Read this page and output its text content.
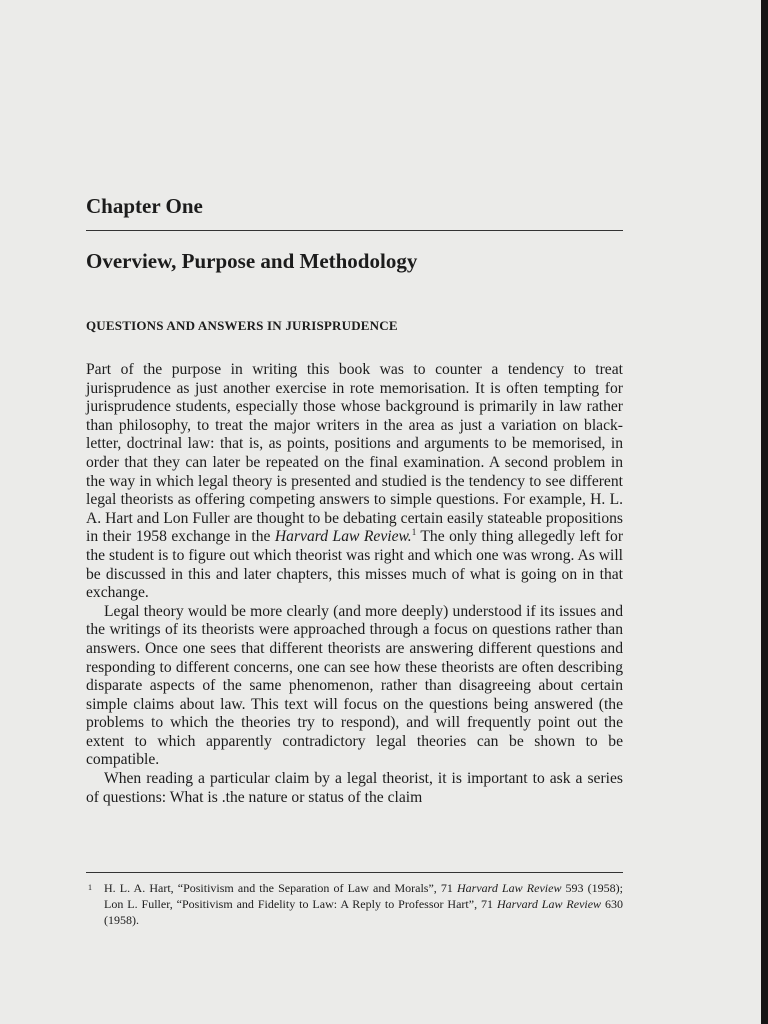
Chapter One
Overview, Purpose and Methodology
QUESTIONS AND ANSWERS IN JURISPRUDENCE

Part of the purpose in writing this book was to counter a tendency to treat jurisprudence as just another exercise in rote memorisation. It is often tempting for jurisprudence students, especially those whose background is primarily in law rather than philosophy, to treat the major writers in the area as just a variation on black-letter, doctrinal law: that is, as points, positions and arguments to be memorised, in order that they can later be repeated on the final examination. A second problem in the way in which legal theory is presented and studied is the tendency to see different legal theorists as offering competing answers to simple questions. For example, H. L. A. Hart and Lon Fuller are thought to be debating certain easily stateable propositions in their 1958 exchange in the Harvard Law Review.$^1$ The only thing allegedly left for the student is to figure out which theorist was right and which one was wrong. As will be discussed in this and later chapters, this misses much of what is going on in that exchange.

Legal theory would be more clearly (and more deeply) understood if its issues and the writings of its theorists were approached through a focus on questions rather than answers. Once one sees that different theorists are answering different questions and responding to different concerns, one can see how these theorists are often describing disparate aspects of the same phenomenon, rather than disagreeing about certain simple claims about law. This text will focus on the questions being answered (the problems to which the theories try to respond), and will frequently point out the extent to which apparently contradictory legal theories can be shown to be compatible.

When reading a particular claim by a legal theorist, it is important to ask a series of questions: What is .the nature or status of the claim

1 H. L. A. Hart, “Positivism and the Separation of Law and Morals”, 71 Harvard Law Review 593 (1958); Lon L. Fuller, “Positivism and Fidelity to Law: A Reply to Professor Hart”, 71 Harvard Law Review 630 (1958).
